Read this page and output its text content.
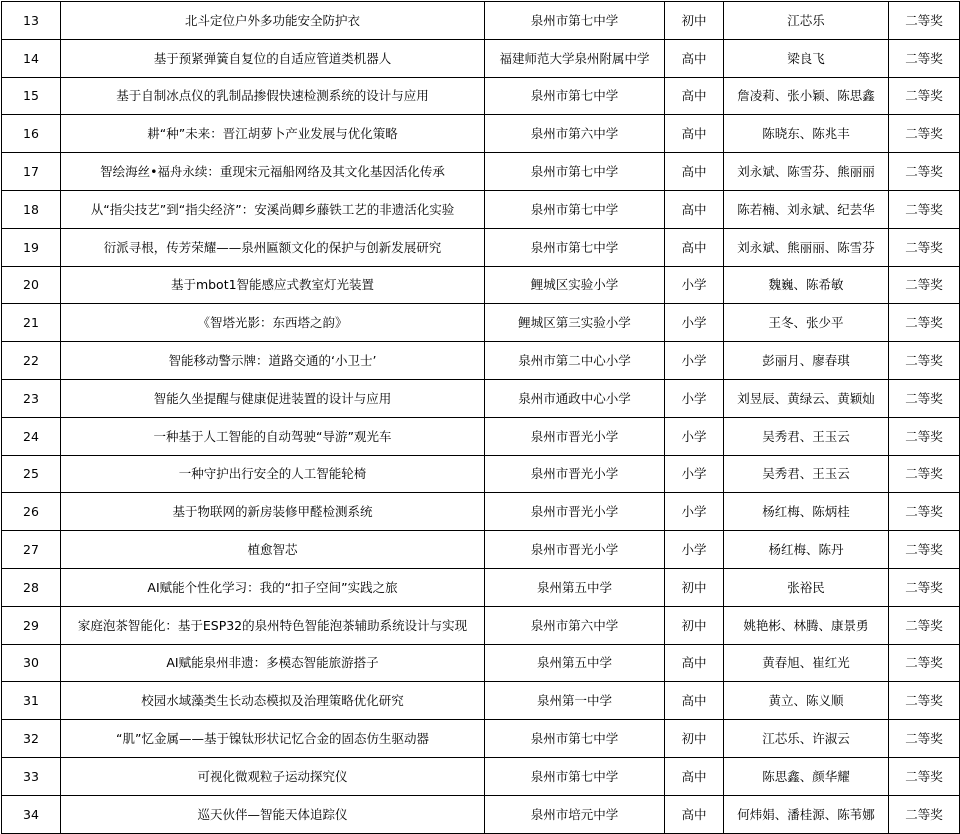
13	北斗定位户外多功能安全防护衣	泉州市第七中学	初中	江芯乐	二等奖
14	基于预紧弹簧自复位的自适应管道类机器人	福建师范大学泉州附属中学	高中	梁良飞	二等奖
15	基于自制冰点仪的乳制品掺假快速检测系统的设计与应用	泉州市第七中学	高中	詹凌莉、张小颖、陈思鑫	二等奖
16	耕“种”未来：晋江胡萝卜产业发展与优化策略	泉州市第六中学	高中	陈晓东、陈兆丰	二等奖
17	智绘海丝•福舟永续：重现宋元福船网络及其文化基因活化传承	泉州市第七中学	高中	刘永斌、陈雪芬、熊丽丽	二等奖
18	从“指尖技艺”到“指尖经济”：安溪尚卿乡藤铁工艺的非遗活化实验	泉州市第七中学	高中	陈若楠、刘永斌、纪芸华	二等奖
19	衍派寻根，传芳荣耀——泉州匾额文化的保护与创新发展研究	泉州市第七中学	高中	刘永斌、熊丽丽、陈雪芬	二等奖
20	基于mbot1智能感应式教室灯光装置	鲤城区实验小学	小学	魏巍、陈希敏	二等奖
21	《智塔光影：东西塔之韵》	鲤城区第三实验小学	小学	王冬、张少平	二等奖
22	智能移动警示牌：道路交通的‘小卫士’	泉州市第二中心小学	小学	彭丽月、廖春琪	二等奖
23	智能久坐提醒与健康促进装置的设计与应用	泉州市通政中心小学	小学	刘昱辰、黄绿云、黄颖灿	二等奖
24	一种基于人工智能的自动驾驶“导游”观光车	泉州市晋光小学	小学	吴秀君、王玉云	二等奖
25	一种守护出行安全的人工智能轮椅	泉州市晋光小学	小学	吴秀君、王玉云	二等奖
26	基于物联网的新房装修甲醛检测系统	泉州市晋光小学	小学	杨红梅、陈炳桂	二等奖
27	植愈智芯	泉州市晋光小学	小学	杨红梅、陈丹	二等奖
28	AI赋能个性化学习：我的“扣子空间”实践之旅	泉州第五中学	初中	张裕民	二等奖
29	家庭泡茶智能化：基于ESP32的泉州特色智能泡茶辅助系统设计与实现	泉州市第六中学	初中	姚艳彬、林腾、康景勇	二等奖
30	AI赋能泉州非遗：多模态智能旅游搭子	泉州第五中学	高中	黄春旭、崔红光	二等奖
31	校园水域藻类生长动态模拟及治理策略优化研究	泉州第一中学	高中	黄立、陈义顺	二等奖
32	“肌”忆金属——基于镍钛形状记忆合金的固态仿生驱动器	泉州市第七中学	初中	江芯乐、许淑云	二等奖
33	可视化微观粒子运动探究仪	泉州市第七中学	高中	陈思鑫、颜华耀	二等奖
34	巡天伙伴—智能天体追踪仪	泉州市培元中学	高中	何炜娟、潘桂源、陈苇娜	二等奖
